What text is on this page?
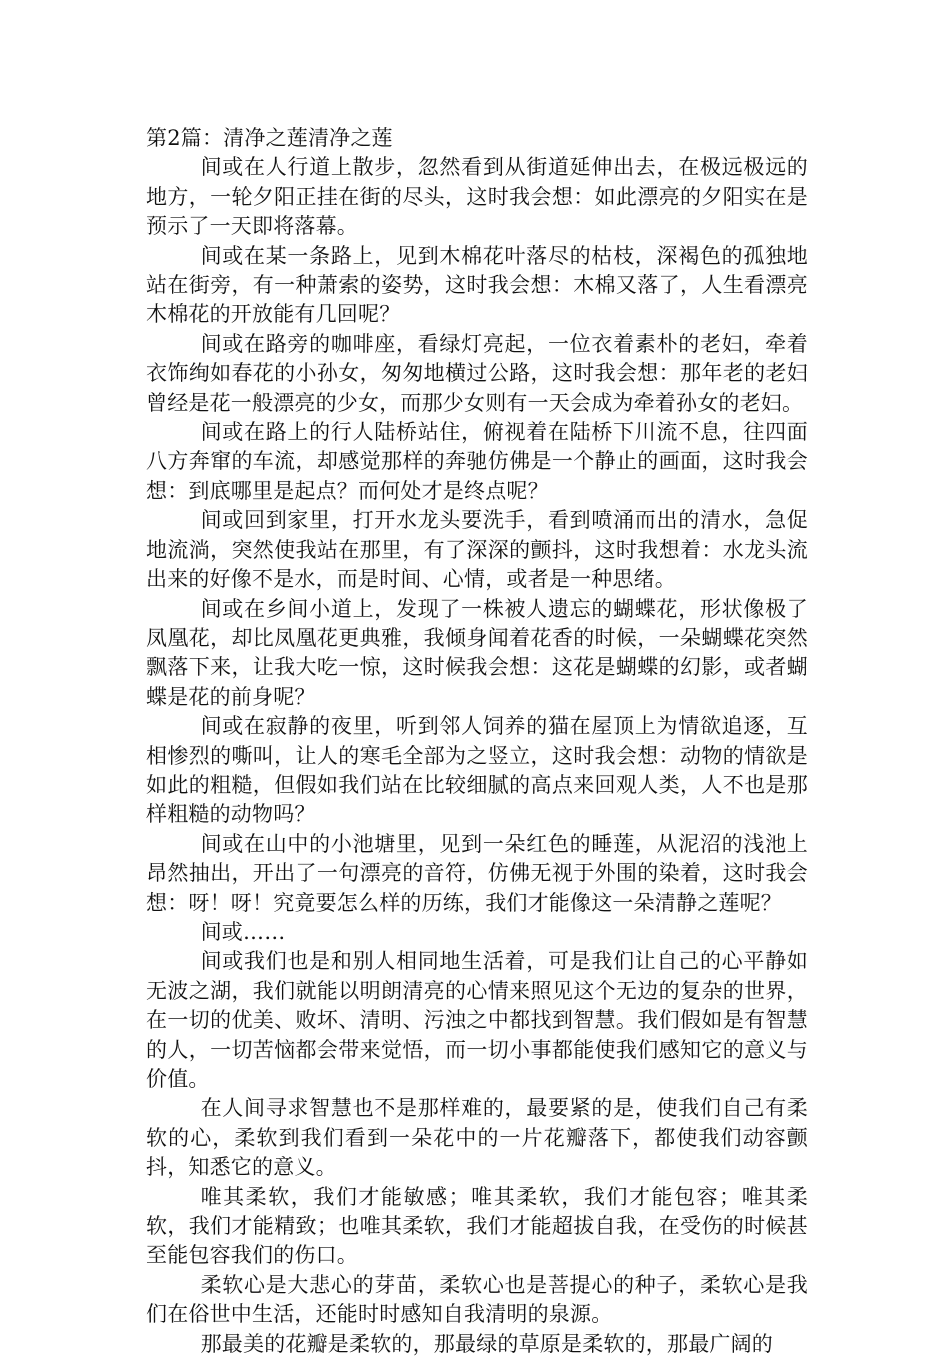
第2篇：清净之莲清净之莲

间或在人行道上散步，忽然看到从街道延伸出去，在极远极远的地方，一轮夕阳正挂在街的尽头，这时我会想：如此漂亮的夕阳实在是预示了一天即将落幕。

间或在某一条路上，见到木棉花叶落尽的枯枝，深褐色的孤独地站在街旁，有一种萧索的姿势，这时我会想：木棉又落了，人生看漂亮木棉花的开放能有几回呢？

间或在路旁的咖啡座，看绿灯亮起，一位衣着素朴的老妇，牵着衣饰绚如春花的小孙女，匆匆地横过公路，这时我会想：那年老的老妇曾经是花一般漂亮的少女，而那少女则有一天会成为牵着孙女的老妇。

间或在路上的行人陆桥站住，俯视着在陆桥下川流不息，往四面八方奔窜的车流，却感觉那样的奔驰仿佛是一个静止的画面，这时我会想：到底哪里是起点？而何处才是终点呢？

间或回到家里，打开水龙头要洗手，看到喷涌而出的清水，急促地流淌，突然使我站在那里，有了深深的颤抖，这时我想着：水龙头流出来的好像不是水，而是时间、心情，或者是一种思绪。

间或在乡间小道上，发现了一株被人遗忘的蝴蝶花，形状像极了凤凰花，却比凤凰花更典雅，我倾身闻着花香的时候，一朵蝴蝶花突然飘落下来，让我大吃一惊，这时候我会想：这花是蝴蝶的幻影，或者蝴蝶是花的前身呢？

间或在寂静的夜里，听到邻人饲养的猫在屋顶上为情欲追逐，互相惨烈的嘶叫，让人的寒毛全部为之竖立，这时我会想：动物的情欲是如此的粗糙，但假如我们站在比较细腻的高点来回观人类，人不也是那样粗糙的动物吗？

间或在山中的小池塘里，见到一朵红色的睡莲，从泥沼的浅池上昂然抽出，开出了一句漂亮的音符，仿佛无视于外围的染着，这时我会想：呀！呀！究竟要怎么样的历练，我们才能像这一朵清静之莲呢？

间或……

间或我们也是和别人相同地生活着，可是我们让自己的心平静如无波之湖，我们就能以明朗清亮的心情来照见这个无边的复杂的世界，在一切的优美、败坏、清明、污浊之中都找到智慧。我们假如是有智慧的人，一切苦恼都会带来觉悟，而一切小事都能使我们感知它的意义与价值。

在人间寻求智慧也不是那样难的，最要紧的是，使我们自己有柔软的心，柔软到我们看到一朵花中的一片花瓣落下，都使我们动容颤抖，知悉它的意义。

唯其柔软，我们才能敏感；唯其柔软，我们才能包容；唯其柔软，我们才能精致；也唯其柔软，我们才能超拔自我，在受伤的时候甚至能包容我们的伤口。

柔软心是大悲心的芽苗，柔软心也是菩提心的种子，柔软心是我们在俗世中生活，还能时时感知自我清明的泉源。

那最美的花瓣是柔软的，那最绿的草原是柔软的，那最广阔的
